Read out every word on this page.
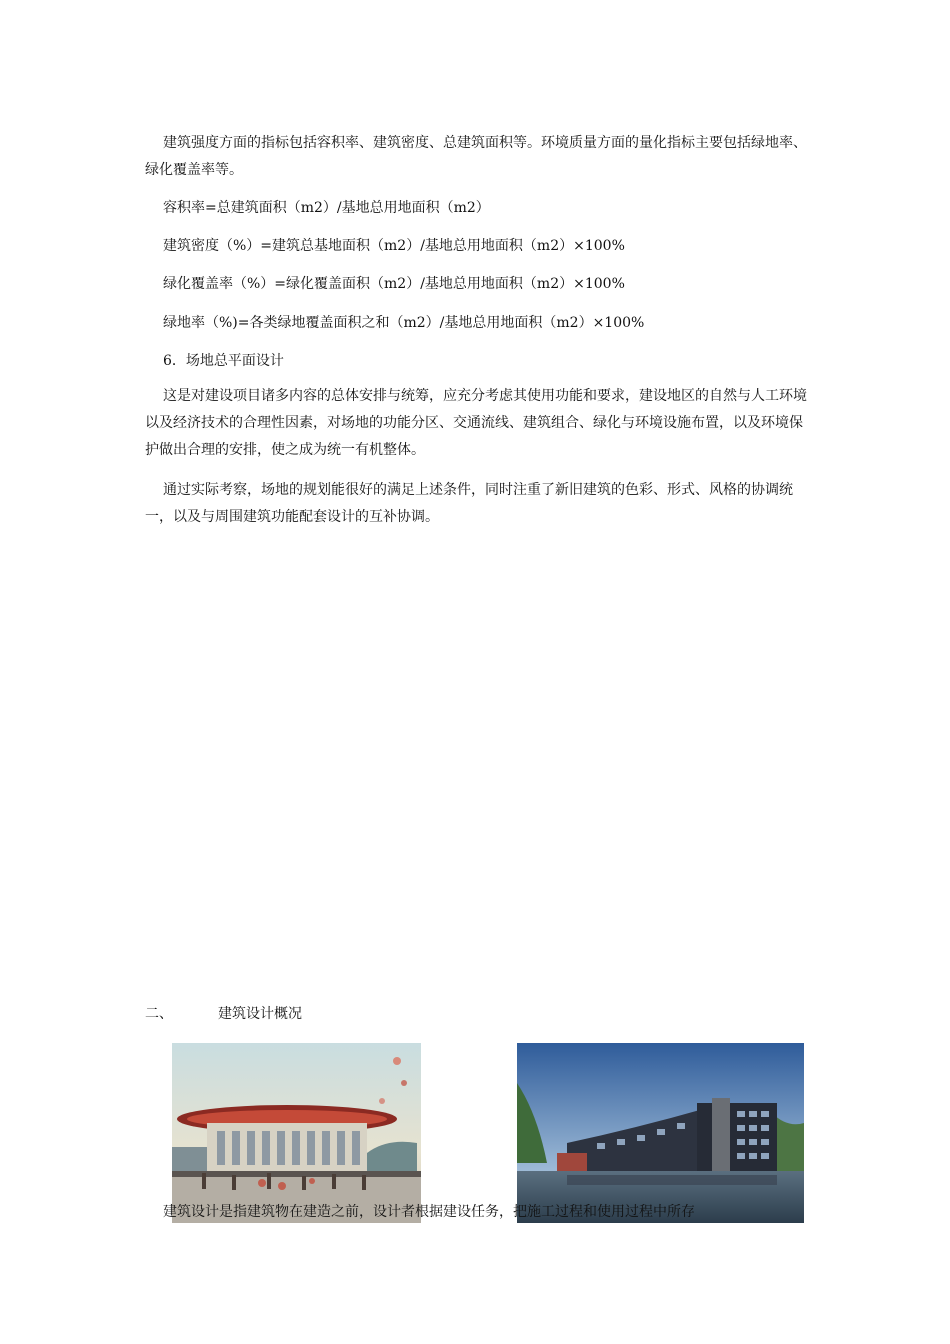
建筑强度方面的指标包括容积率、建筑密度、总建筑面积等。环境质量方面的量化指标主要包括绿地率、绿化覆盖率等。

容积率=总建筑面积（m2）/基地总用地面积（m2）

建筑密度（%）=建筑总基地面积（m2）/基地总用地面积（m2）×100%

绿化覆盖率（%）=绿化覆盖面积（m2）/基地总用地面积（m2）×100%

绿地率（%)=各类绿地覆盖面积之和（m2）/基地总用地面积（m2）×100%

6．场地总平面设计

这是对建设项目诸多内容的总体安排与统筹，应充分考虑其使用功能和要求，建设地区的自然与人工环境以及经济技术的合理性因素，对场地的功能分区、交通流线、建筑组合、绿化与环境设施布置，以及环境保护做出合理的安排，使之成为统一有机整体。

通过实际考察，场地的规划能很好的满足上述条件，同时注重了新旧建筑的色彩、形式、风格的协调统一，以及与周围建筑功能配套设计的互补协调。

二、	建筑设计概况
建筑设计是指建筑物在建造之前，设计者根据建设任务，把施工过程和使用过程中所存
